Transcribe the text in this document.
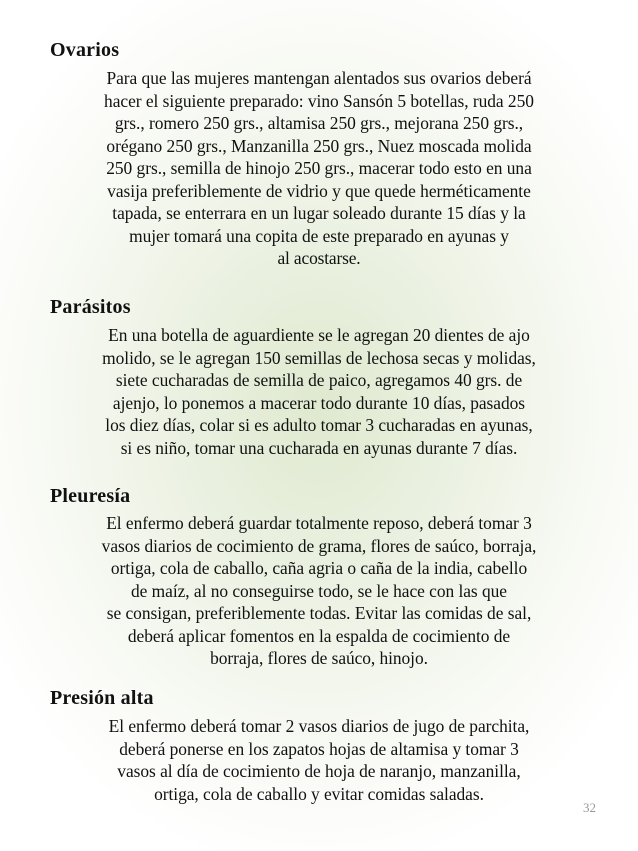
Ovarios
Para que las mujeres mantengan alentados sus ovarios deberá
hacer el siguiente preparado: vino Sansón 5 botellas, ruda 250
grs., romero 250 grs., altamisa 250 grs., mejorana 250 grs.,
orégano 250 grs., Manzanilla 250 grs., Nuez moscada molida
250 grs., semilla de hinojo 250 grs., macerar todo esto en una
vasija preferiblemente de vidrio y que quede herméticamente
tapada, se enterrara en un lugar soleado durante 15 días y la
mujer tomará una copita de este preparado en ayunas y
al acostarse.
Parásitos
En una botella de aguardiente se le agregan 20 dientes de ajo
molido, se le agregan 150 semillas de lechosa secas y molidas,
siete cucharadas de semilla de paico, agregamos 40 grs. de
ajenjo, lo ponemos a macerar todo durante 10 días, pasados
los diez días, colar si es adulto tomar 3 cucharadas en ayunas,
si es niño, tomar una cucharada en ayunas durante 7 días.
Pleuresía
El enfermo deberá guardar totalmente reposo, deberá tomar 3
vasos diarios de cocimiento de grama, flores de saúco, borraja,
ortiga, cola de caballo, caña agria o caña de la india, cabello
de maíz, al no conseguirse todo, se le hace con las que
se consigan, preferiblemente todas. Evitar las comidas de sal,
deberá aplicar fomentos en la espalda de cocimiento de
borraja, flores de saúco, hinojo.
Presión alta
El enfermo deberá tomar 2 vasos diarios de jugo de parchita,
deberá ponerse en los zapatos hojas de altamisa y tomar 3
vasos al día de cocimiento de hoja de naranjo, manzanilla,
ortiga, cola de caballo y evitar comidas saladas.
32
